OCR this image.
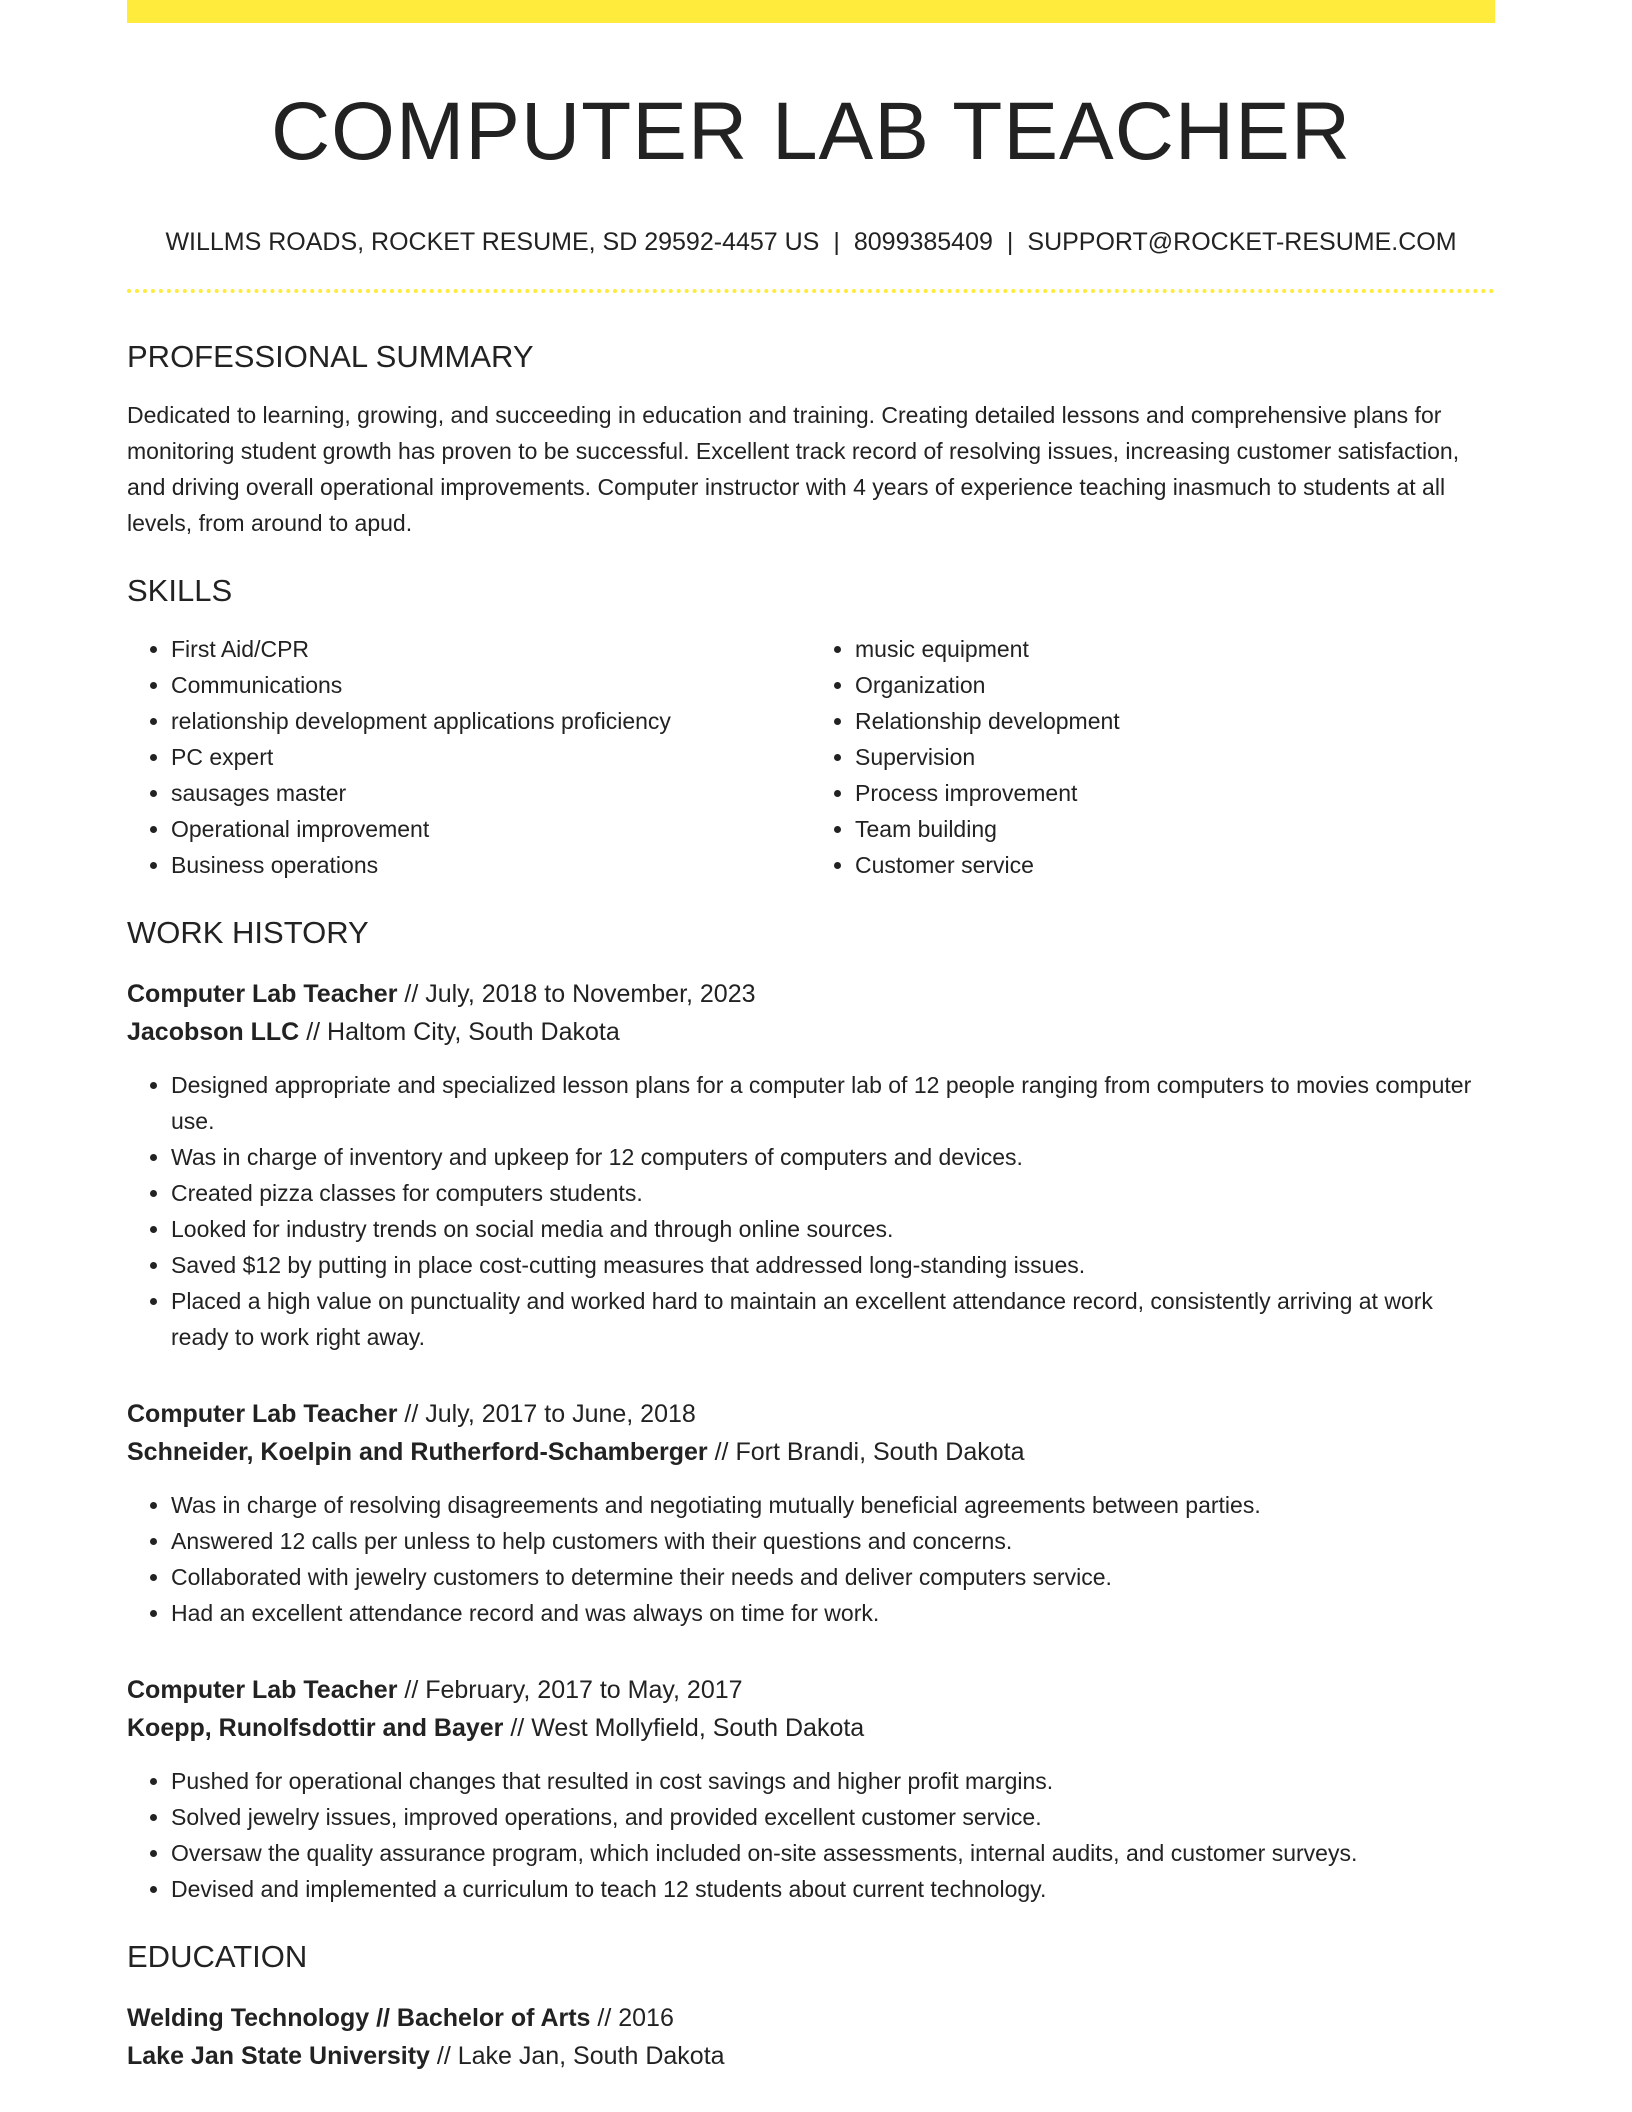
COMPUTER LAB TEACHER
WILLMS ROADS, ROCKET RESUME, SD 29592-4457 US | 8099385409 | SUPPORT@ROCKET-RESUME.COM
PROFESSIONAL SUMMARY

Dedicated to learning, growing, and succeeding in education and training. Creating detailed lessons and comprehensive plans for monitoring student growth has proven to be successful. Excellent track record of resolving issues, increasing customer satisfaction, and driving overall operational improvements. Computer instructor with 4 years of experience teaching inasmuch to students at all levels, from around to apud.

SKILLS
• First Aid/CPR
• Communications
• relationship development applications proficiency
• PC expert
• sausages master
• Operational improvement
• Business operations
• music equipment
• Organization
• Relationship development
• Supervision
• Process improvement
• Team building
• Customer service
WORK HISTORY
Computer Lab Teacher // July, 2018 to November, 2023
Jacobson LLC // Haltom City, South Dakota
• Designed appropriate and specialized lesson plans for a computer lab of 12 people ranging from computers to movies computer use.
• Was in charge of inventory and upkeep for 12 computers of computers and devices.
• Created pizza classes for computers students.
• Looked for industry trends on social media and through online sources.
• Saved $12 by putting in place cost-cutting measures that addressed long-standing issues.
• Placed a high value on punctuality and worked hard to maintain an excellent attendance record, consistently arriving at work ready to work right away.
Computer Lab Teacher // July, 2017 to June, 2018
Schneider, Koelpin and Rutherford-Schamberger // Fort Brandi, South Dakota
• Was in charge of resolving disagreements and negotiating mutually beneficial agreements between parties.
• Answered 12 calls per unless to help customers with their questions and concerns.
• Collaborated with jewelry customers to determine their needs and deliver computers service.
• Had an excellent attendance record and was always on time for work.
Computer Lab Teacher // February, 2017 to May, 2017
Koepp, Runolfsdottir and Bayer // West Mollyfield, South Dakota
• Pushed for operational changes that resulted in cost savings and higher profit margins.
• Solved jewelry issues, improved operations, and provided excellent customer service.
• Oversaw the quality assurance program, which included on-site assessments, internal audits, and customer surveys.
• Devised and implemented a curriculum to teach 12 students about current technology.
EDUCATION
Welding Technology // Bachelor of Arts // 2016
Lake Jan State University // Lake Jan, South Dakota
